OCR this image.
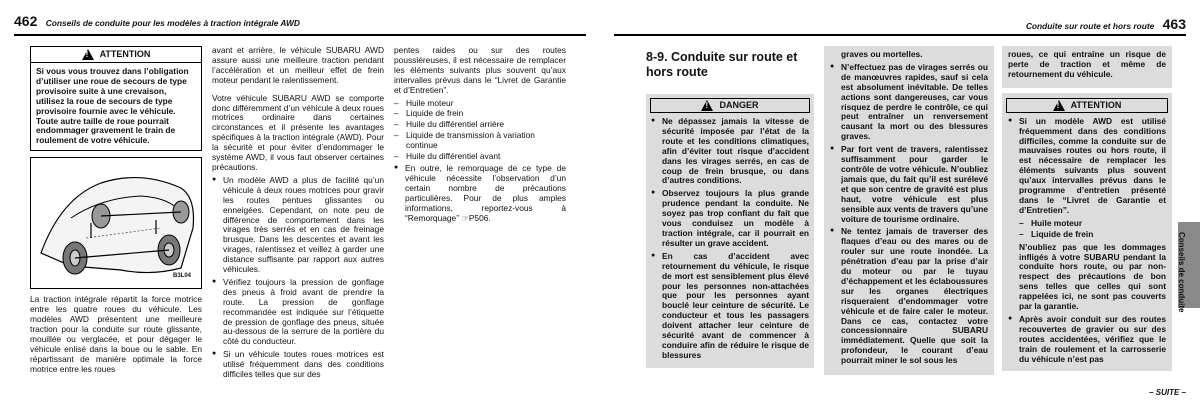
462 Conseils de conduite pour les modèles à traction intégrale AWD
!
ATTENTION
Si vous vous trouvez dans l’obligation d’utiliser une roue de secours de type provisoire suite à une crevaison, utilisez la roue de secours de type provisoire fournie avec le véhicule. Toute autre taille de roue pourrait endommager gravement le train de roulement de votre véhicule.
B3L04

La traction intégrale répartit la force motrice entre les quatre roues du véhicule. Les modèles AWD présentent une meilleure traction pour la conduite sur route glissante, mouillée ou verglacée, et pour dégager le véhicule enlisé dans la boue ou le sable. En répartissant de manière optimale la force motrice entre les roues

avant et arrière, le véhicule SUBARU AWD assure aussi une meilleure traction pendant l’accélération et un meilleur effet de frein moteur pendant le ralentissement.

Votre véhicule SUBARU AWD se comporte donc différemment d’un véhicule à deux roues motrices ordinaire dans certaines circonstances et il présente les avantages spécifiques à la traction intégrale (AWD). Pour la sécurité et pour éviter d’endommager le système AWD, il vous faut observer certaines précautions.

● Un modèle AWD a plus de facilité qu’un véhicule à deux roues motrices pour gravir les routes pentues glissantes ou enneigées. Cependant, on note peu de différence de comportement dans les virages très serrés et en cas de freinage brusque. Dans les descentes et avant les virages, ralentissez et veillez à garder une distance suffisante par rapport aux autres véhicules.
● Vérifiez toujours la pression de gonflage des pneus à froid avant de prendre la route. La pression de gonflage recommandée est indiquée sur l’étiquette de pression de gonflage des pneus, située au-dessous de la serrure de la portière du côté du conducteur.
● Si un véhicule toutes roues motrices est utilisé fréquemment dans des conditions difficiles telles que sur des

pentes raides ou sur des routes poussiéreuses, il est nécessaire de remplacer les éléments suivants plus souvent qu’aux intervalles prévus dans le “Livret de Garantie et d’Entretien”.

– Huile moteur
– Liquide de frein
– Huile du différentiel arrière
– Liquide de transmission à variation continue
– Huile du différentiel avant
● En outre, le remorquage de ce type de véhicule nécessite l’observation d’un certain nombre de précautions particulières. Pour de plus amples informations, reportez-vous à “Remorquage” ☞P506.
Conduite sur route et hors route 463
8-9. Conduite sur route et hors route
!
DANGER
● Ne dépassez jamais la vitesse de sécurité imposée par l’état de la route et les conditions climatiques, afin d’éviter tout risque d’accident dans les virages serrés, en cas de coup de frein brusque, ou dans d’autres conditions.
● Observez toujours la plus grande prudence pendant la conduite. Ne soyez pas trop confiant du fait que vous conduisez un modèle à traction intégrale, car il pourrait en résulter un grave accident.
● En cas d’accident avec retournement du véhicule, le risque de mort est sensiblement plus élevé pour les personnes non-attachées que pour les personnes ayant bouclé leur ceinture de sécurité. Le conducteur et tous les passagers doivent attacher leur ceinture de sécurité avant de commencer à conduire afin de réduire le risque de blessures

graves ou mortelles.

● N’effectuez pas de virages serrés ou de manœuvres rapides, sauf si cela est absolument inévitable. De telles actions sont dangereuses, car vous risquez de perdre le contrôle, ce qui peut entraîner un renversement causant la mort ou des blessures graves.
● Par fort vent de travers, ralentissez suffisamment pour garder le contrôle de votre véhicule. N’oubliez jamais que, du fait qu’il est surélevé et que son centre de gravité est plus haut, votre véhicule est plus sensible aux vents de travers qu’une voiture de tourisme ordinaire.
● Ne tentez jamais de traverser des flaques d’eau ou des mares ou de rouler sur une route inondée. La pénétration d’eau par la prise d’air du moteur ou par le tuyau d’échappement et les éclaboussures sur les organes électriques risqueraient d’endommager votre véhicule et de faire caler le moteur. Dans ce cas, contactez votre concessionnaire SUBARU immédiatement. Quelle que soit la profondeur, le courant d’eau pourrait miner le sol sous les

roues, ce qui entraîne un risque de perte de traction et même de retournement du véhicule.

!
ATTENTION
● Si un modèle AWD est utilisé fréquemment dans des conditions difficiles, comme la conduite sur de mauvaises routes ou hors route, il est nécessaire de remplacer les éléments suivants plus souvent qu’aux intervalles prévus dans le programme d’entretien présenté dans le “Livret de Garantie et d’Entretien”.
– Huile moteur
– Liquide de frein

N’oubliez pas que les dommages infligés à votre SUBARU pendant la conduite hors route, ou par non-respect des précautions de bon sens telles que celles qui sont rappelées ici, ne sont pas couverts par la garantie.

● Après avoir conduit sur des routes recouvertes de gravier ou sur des routes accidentées, vérifiez que le train de roulement et la carrosserie du véhicule n’est pas
– SUITE –
Conseils de conduite
